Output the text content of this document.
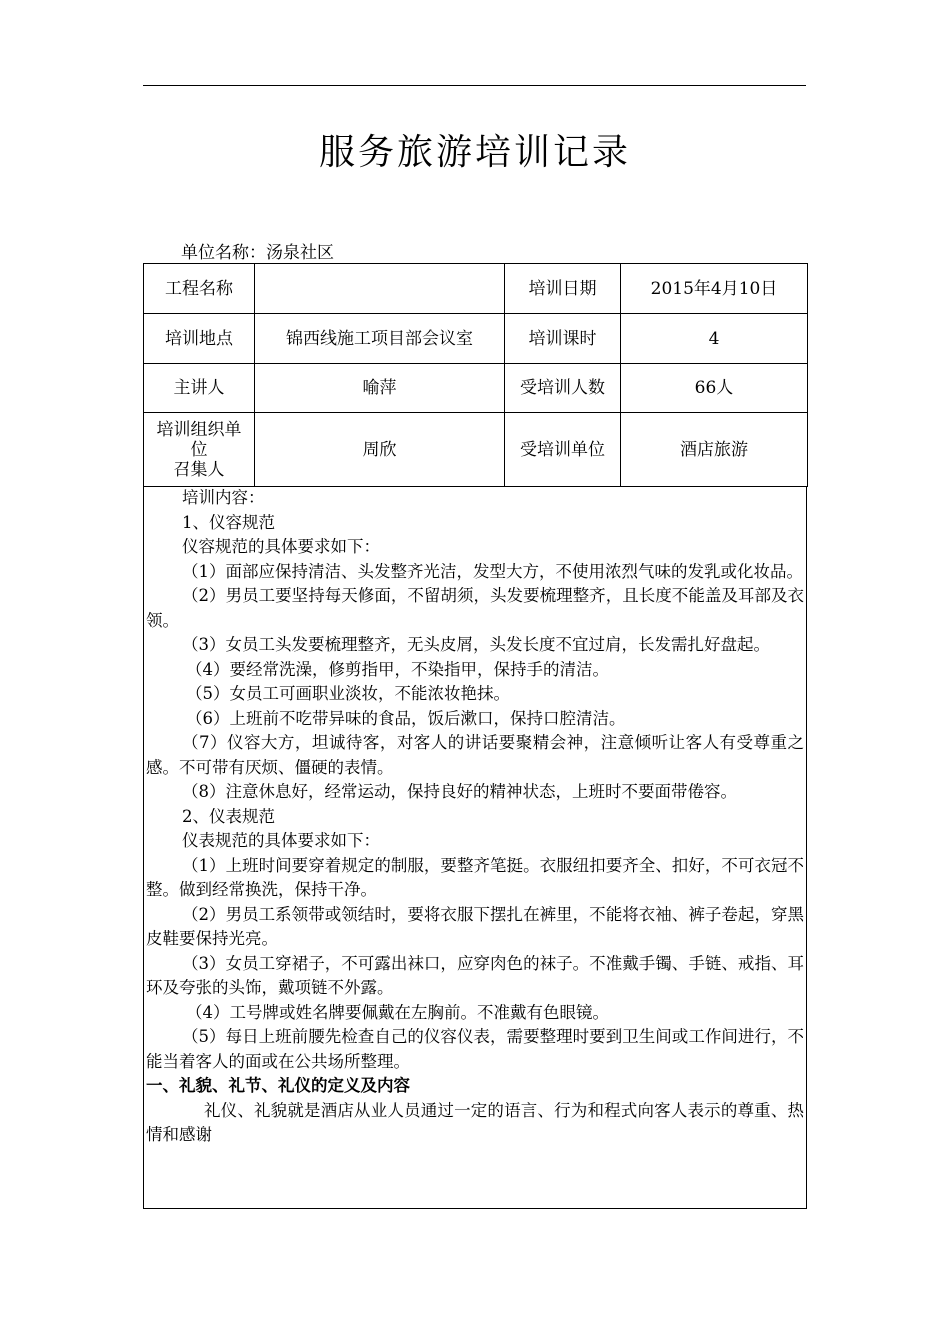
服务旅游培训记录
单位名称：汤泉社区
工程名称		培训日期	2015年4月10日
培训地点	锦西线施工项目部会议室	培训课时	4
主讲人	喻萍	受培训人数	66人
培训组织单位
召集人	周欣	受培训单位	酒店旅游

培训内容：

1、仪容规范

仪容规范的具体要求如下：

（1）面部应保持清洁、头发整齐光洁，发型大方，不使用浓烈气味的发乳或化妆品。

（2）男员工要坚持每天修面，不留胡须，头发要梳理整齐，且长度不能盖及耳部及衣领。

（3）女员工头发要梳理整齐，无头皮屑，头发长度不宜过肩，长发需扎好盘起。

（4）要经常洗澡，修剪指甲，不染指甲，保持手的清洁。

（5）女员工可画职业淡妆，不能浓妆艳抹。

（6）上班前不吃带异味的食品，饭后漱口，保持口腔清洁。

（7）仪容大方，坦诚待客，对客人的讲话要聚精会神，注意倾听让客人有受尊重之感。不可带有厌烦、僵硬的表情。

（8）注意休息好，经常运动，保持良好的精神状态，上班时不要面带倦容。

2、仪表规范

仪表规范的具体要求如下：

（1）上班时间要穿着规定的制服，要整齐笔挺。衣服纽扣要齐全、扣好，不可衣冠不整。做到经常换洗，保持干净。

（2）男员工系领带或领结时，要将衣服下摆扎在裤里，不能将衣袖、裤子卷起，穿黑皮鞋要保持光亮。

（3）女员工穿裙子，不可露出袜口，应穿肉色的袜子。不准戴手镯、手链、戒指、耳环及夸张的头饰，戴项链不外露。

（4）工号牌或姓名牌要佩戴在左胸前。不准戴有色眼镜。

（5）每日上班前腰先检查自己的仪容仪表，需要整理时要到卫生间或工作间进行，不能当着客人的面或在公共场所整理。

一、礼貌、礼节、礼仪的定义及内容

礼仪、礼貌就是酒店从业人员通过一定的语言、行为和程式向客人表示的尊重、热情和感谢
